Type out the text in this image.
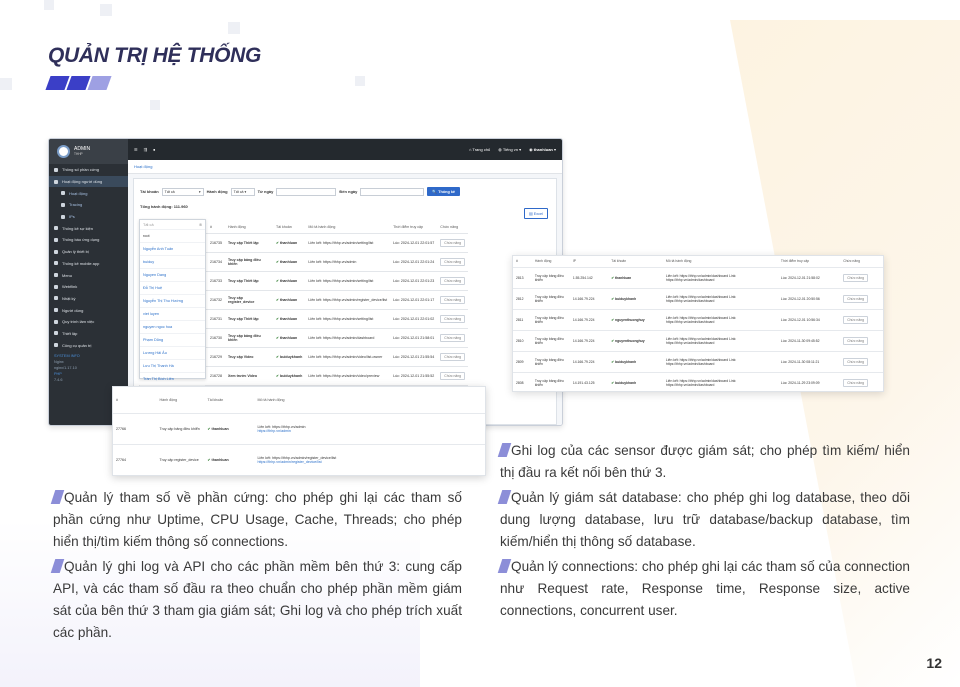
QUẢN TRỊ HỆ THỐNG
ADMIN
THHP
Thông số phần cứng
Hoạt động người dùng
Hoạt động
Tracing
IPs
Thống kê sự kiện
Thống báo ứng dụng
Quản lý thiết bị
Thống kê mobile app
Menu
Webflink
Nhật ký
Người dùng
Quy trình làm việc
Thiết lập
Công cụ quản trị
SYSTEM INFO
Nginx
nginx/1.17.10
PHP
7.4.6
☰ ⇶ ●	⌂ Trang chủ ◍ Tiếng vn ▾ ◉ thanhluan ▾
Hoạt động
Tài khoản	Tất cả	▾ Hành động	Tất cả ▾	Từ ngày	Đến ngày	🔍 Thống kê
▤ Excel
Tổng hành động: 111.960
	#	Hành động	Tài khoản	Mô tả hành động	Thời điểm truy cập	Chức năng
	216735	Truy cập Thiết lập	✔ thanhluan	Liên kết: https://thhp.vn/admin/setting/list	Lúc: 2024-12-01 22:01:57	Chức năng
	216734	Truy cập bảng điều khiển	✔ thanhluan	Liên kết: https://thhp.vn/admin	Lúc: 2024-12-01 22:01:24	Chức năng
	216733	Truy cập Thiết lập	✔ thanhluan	Liên kết: https://thhp.vn/admin/setting/list	Lúc: 2024-12-01 22:01:23	Chức năng
	216732	Truy cập register_device	✔ thanhluan	Liên kết: https://thhp.vn/admin/register_device/list	Lúc: 2024-12-01 22:01:17	Chức năng
	216731	Truy cập Thiết lập	✔ thanhluan	Liên kết: https://thhp.vn/admin/setting/list	Lúc: 2024-12-01 22:01:02	Chức năng
	216730	Truy cập bảng điều khiển	✔ thanhluan	Liên kết: https://thhp.vn/admin/dashboard	Lúc: 2024-12-01 21:58:01	Chức năng
	216729	Truy cập Video	✔ buiduykhanh	Liên kết: https://thhp.vn/admin/video/list-owner	Lúc: 2024-12-01 21:55:54	Chức năng
	216728	Xem trước Video	✔ buiduykhanh	Liên kết: https://thhp.vn/admin/video/preview	Lúc: 2024-12-01 21:55:52	Chức năng

Tất cả	⊗
root
Nguyễn Anh Tuấn
buiduy
Nguyen Dang
Đỗ Thị Huệ
Nguyễn Thị Thu Hường
viet luyen
nguyen ngoc hoa
Phạm Dũng
Lương Hải Âu
Lưu Thị Thanh Hà
Trần Thị Bích Liên
#	Hành động	IP	Tài khoản	Mô tả hành động	Thời điểm truy cập	Chức năng
2813	Truy cập bảng điều khiển	1.55.254.142	✔ thanhluan	Liên kết: https://thhp.vn/admin/dashboard Link: https://thhp.vn/admin/dashboard	Lúc: 2024-12-01 21:58:02	Chức năng
2812	Truy cập bảng điều khiển	14.166.79.224	✔ buiduykhanh	Liên kết: https://thhp.vn/admin/dashboard Link: https://thhp.vn/admin/dashboard	Lúc: 2024-12-01 20:50:56	Chức năng
2811	Truy cập bảng điều khiển	14.166.79.224	✔ nguyenthuonghuy	Liên kết: https://thhp.vn/admin/dashboard Link: https://thhp.vn/admin/dashboard	Lúc: 2024-12-01 10:56:34	Chức năng
2810	Truy cập bảng điều khiển	14.166.79.224	✔ nguyenthuonghuy	Liên kết: https://thhp.vn/admin/dashboard Link: https://thhp.vn/admin/dashboard	Lúc: 2024-11-30 09:45:52	Chức năng
2809	Truy cập bảng điều khiển	14.166.79.224	✔ buiduykhanh	Liên kết: https://thhp.vn/admin/dashboard Link: https://thhp.vn/admin/dashboard	Lúc: 2024-11-30 08:11:21	Chức năng
2808	Truy cập bảng điều khiển	14.191.43.125	✔ buiduykhanh	Liên kết: https://thhp.vn/admin/dashboard Link: https://thhp.vn/admin/dashboard	Lúc: 2024-11-29 23:09:09	Chức năng
#	Hành động	Tài khoản	Mô tả hành động
27766	Truy cập bảng điều khiển	✔ thanhluan	Liên kết: https://thhp.vn/admin
https://thhp.vn/admin
27764	Truy cập register_device	✔ thanhluan	Liên kết: https://thhp.vn/admin/register_device/list
https://thhp.vn/admin/register_device/list
Ghi log của các sensor được giám sát; cho phép tìm kiếm/ hiển thị đầu ra kết nối bên thứ 3.
Quản lý tham số về phần cứng: cho phép ghi lại các tham số phần cứng như Uptime, CPU Usage, Cache, Threads; cho phép hiển thị/tìm kiếm thông số connections.
Quản lý giám sát database: cho phép ghi log database, theo dõi dung lượng database, lưu trữ database/backup database, tìm kiếm/hiển thị thông số database.
Quản lý ghi log và API cho các phần mềm bên thứ 3: cung cấp API, và các tham số đầu ra theo chuẩn cho phép phần mềm giám sát của bên thứ 3 tham gia giám sát; Ghi log và cho phép trích xuất các phần.
Quản lý connections: cho phép ghi lại các tham số của connection như Request rate, Response time, Response size, active connections, concurrent user.
12
